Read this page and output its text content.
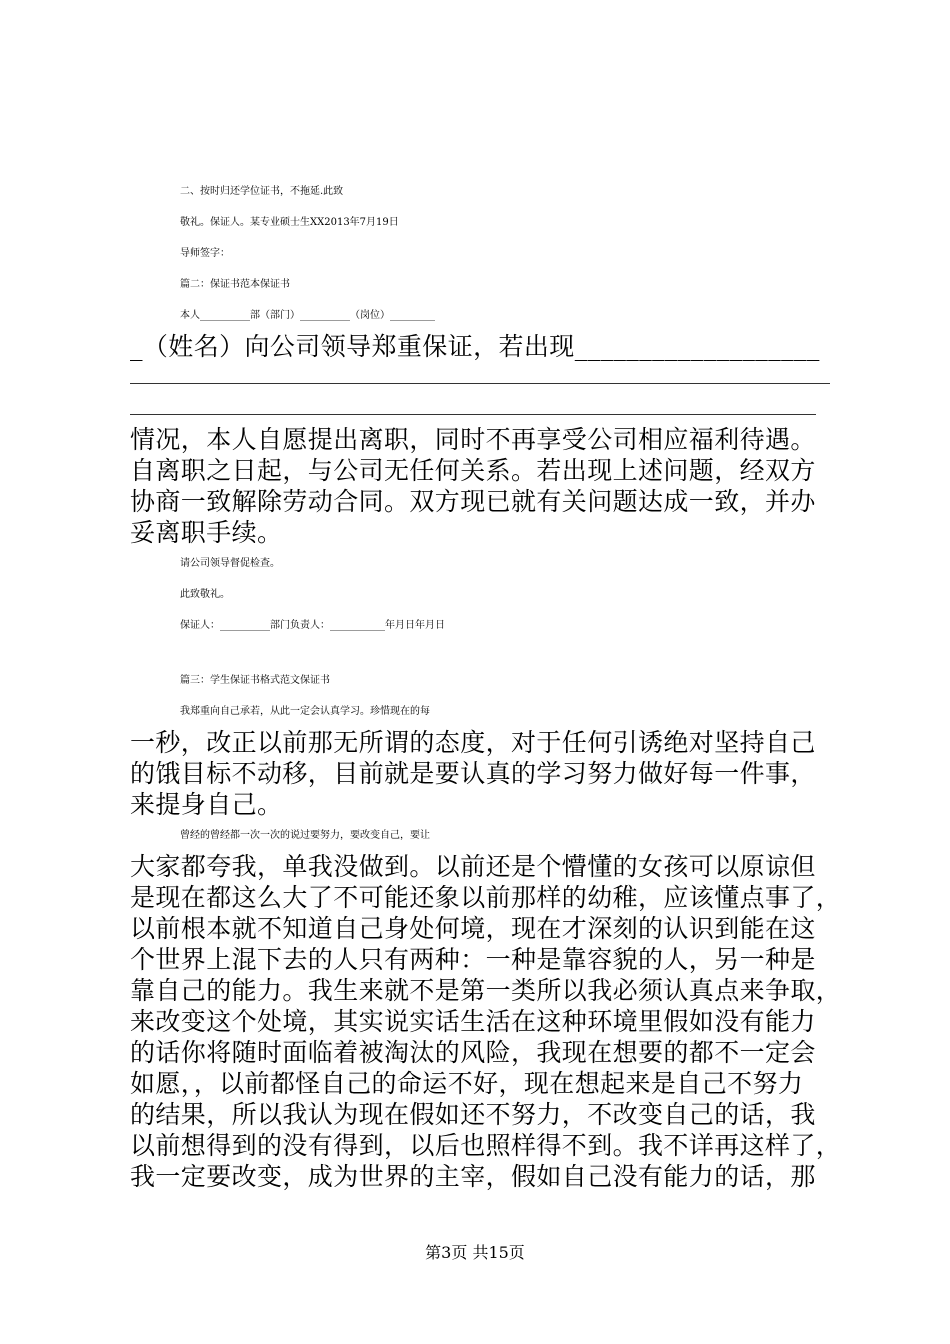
二、按时归还学位证书，不拖延.此致
敬礼。保证人。某专业硕士生XX2013年7月19日
导师签字：
篇二：保证书范本保证书
本人__________部（部门）__________（岗位）_________
_（姓名）向公司领导郑重保证，若出现___________________
情况，本人自愿提出离职，同时不再享受公司相应福利待遇。
自离职之日起，与公司无任何关系。若出现上述问题，经双方
协商一致解除劳动合同。双方现已就有关问题达成一致，并办
妥离职手续。
请公司领导督促检查。
此致敬礼。
保证人：__________部门负责人：___________年月日年月日
篇三：学生保证书格式范文保证书
我郑重向自己承若，从此一定会认真学习。珍惜现在的每
一秒，改正以前那无所谓的态度，对于任何引诱绝对坚持自己
的饿目标不动移，目前就是要认真的学习努力做好每一件事，
来提身自己。
曾经的曾经都一次一次的说过要努力，要改变自己，要让
大家都夸我，单我没做到。以前还是个懵懂的女孩可以原谅但
是现在都这么大了不可能还象以前那样的幼稚，应该懂点事了，
以前根本就不知道自己身处何境，现在才深刻的认识到能在这
个世界上混下去的人只有两种：一种是靠容貌的人，另一种是
靠自己的能力。我生来就不是第一类所以我必须认真点来争取，
来改变这个处境，其实说实话生活在这种环境里假如没有能力
的话你将随时面临着被淘汰的风险，我现在想要的都不一定会
如愿，，以前都怪自己的命运不好，现在想起来是自己不努力
的结果，所以我认为现在假如还不努力，不改变自己的话，我
以前想得到的没有得到，以后也照样得不到。我不详再这样了，
我一定要改变，成为世界的主宰，假如自己没有能力的话，那
第3页 共15页
